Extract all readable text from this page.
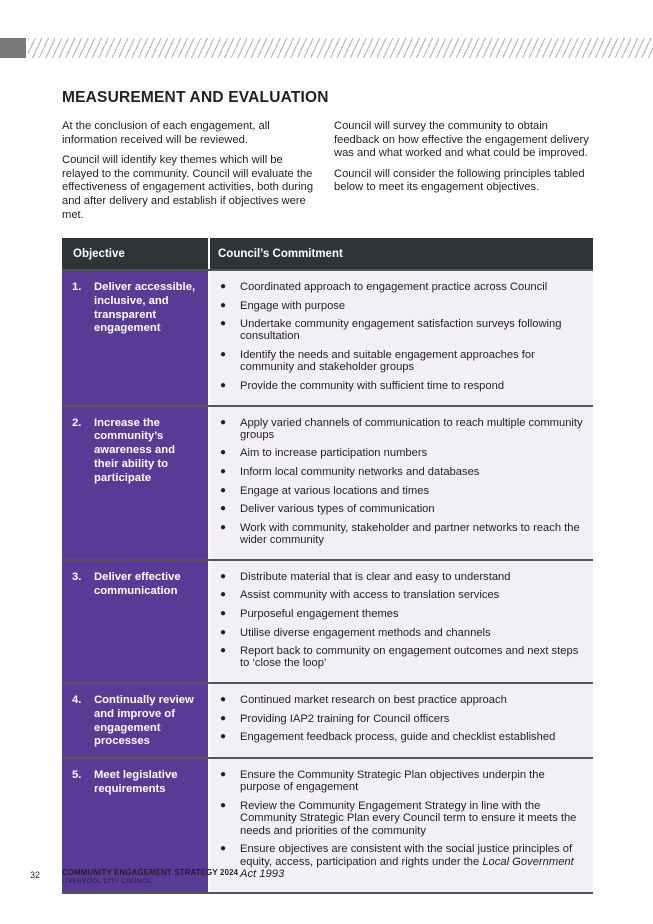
MEASUREMENT AND EVALUATION

At the conclusion of each engagement, all information received will be reviewed.

Council will identify key themes which will be relayed to the community. Council will evaluate the effectiveness of engagement activities, both during and after delivery and establish if objectives were met.

Council will survey the community to obtain feedback on how effective the engagement delivery was and what worked and what could be improved.

Council will consider the following principles tabled below to meet its engagement objectives.

Objective	Council’s Commitment
1.	Deliver accessible, inclusive, and transparent engagement
●	Coordinated approach to engagement practice across Council
●	Engage with purpose
●	Undertake community engagement satisfaction surveys following consultation
●	Identify the needs and suitable engagement approaches for community and stakeholder groups
●	Provide the community with sufficient time to respond
2.	Increase the community’s awareness and their ability to participate
●	Apply varied channels of communication to reach multiple community groups
●	Aim to increase participation numbers
●	Inform local community networks and databases
●	Engage at various locations and times
●	Deliver various types of communication
●	Work with community, stakeholder and partner networks to reach the wider community
3.	Deliver effective communication
●	Distribute material that is clear and easy to understand
●	Assist community with access to translation services
●	Purposeful engagement themes
●	Utilise diverse engagement methods and channels
●	Report back to community on engagement outcomes and next steps to ‘close the loop’
4.	Continually review and improve of engagement processes
●	Continued market research on best practice approach
●	Providing IAP2 training for Council officers
●	Engagement feedback process, guide and checklist established
5.	Meet legislative requirements
●	Ensure the Community Strategic Plan objectives underpin the purpose of engagement
●	Review the Community Engagement Strategy in line with the Community Strategic Plan every Council term to ensure it meets the needs and priorities of the community
●	Ensure objectives are consistent with the social justice principles of equity, access, participation and rights under the Local Government Act 1993
32	COMMUNITY ENGAGEMENT STRATEGY 2024
LIVERPOOL CITY COUNCIL
